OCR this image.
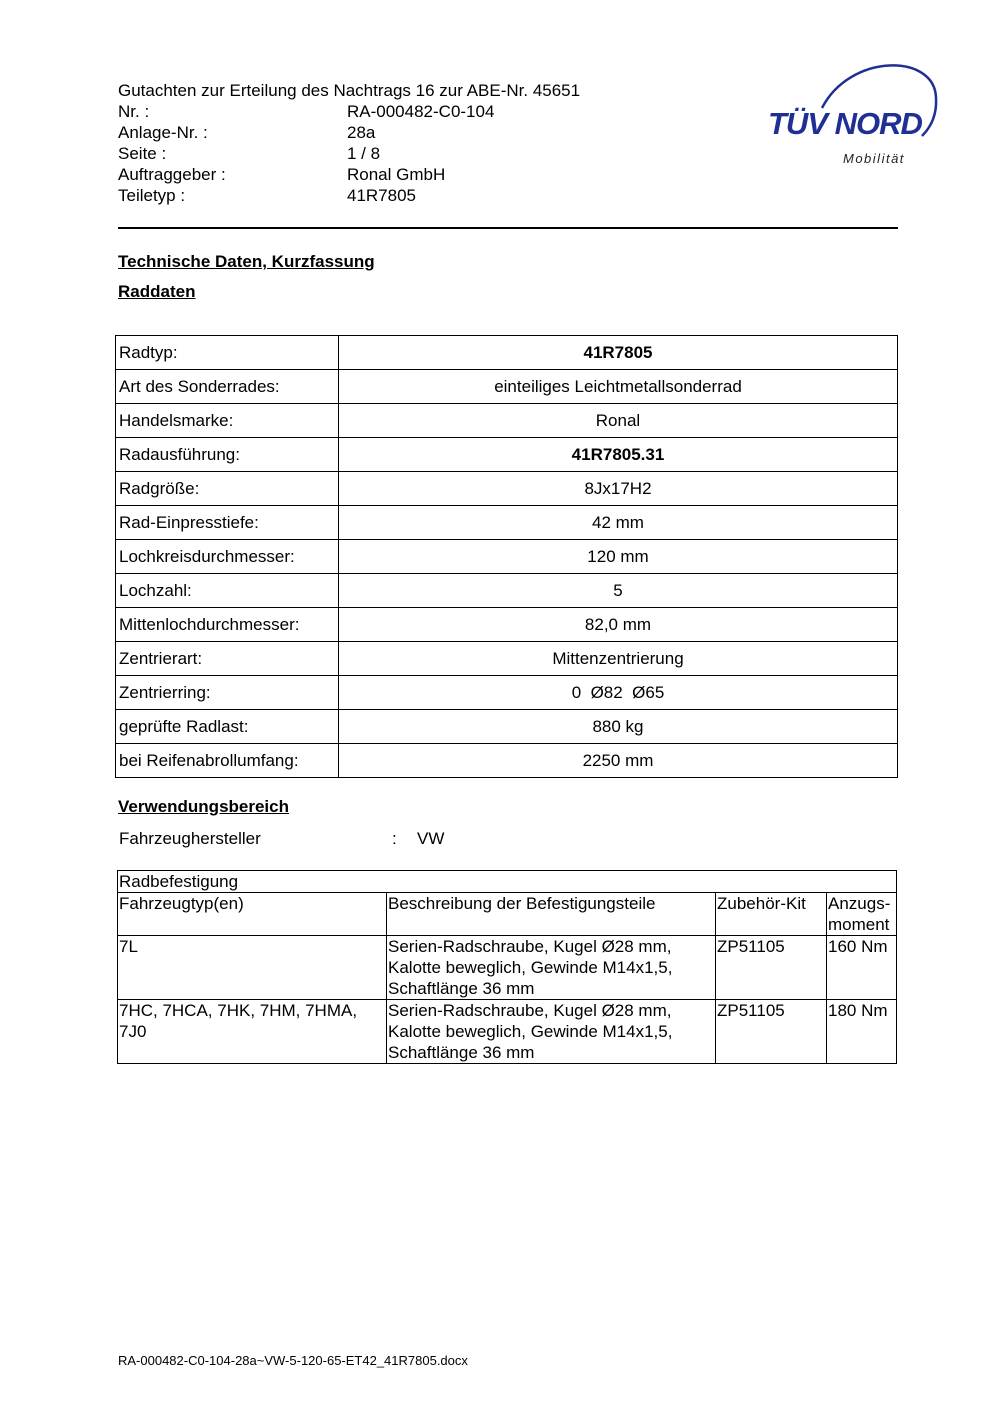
Gutachten zur Erteilung des Nachtrags 16 zur ABE-Nr. 45651
Nr. :	RA-000482-C0-104
Anlage-Nr. :	28a
Seite :	1 / 8
Auftraggeber :	Ronal GmbH
Teiletyp :	41R7805
TÜV NORD
Mobilität
Technische Daten, Kurzfassung
Raddaten
Radtyp:	41R7805
Art des Sonderrades:	einteiliges Leichtmetallsonderrad
Handelsmarke:	Ronal
Radausführung:	41R7805.31
Radgröße:	8Jx17H2
Rad-Einpresstiefe:	42 mm
Lochkreisdurchmesser:	120 mm
Lochzahl:	5
Mittenlochdurchmesser:	82,0 mm
Zentrierart:	Mittenzentrierung
Zentrierring:	0  Ø82  Ø65
geprüfte Radlast:	880 kg
bei Reifenabrollumfang:	2250 mm
Verwendungsbereich
Fahrzeughersteller	:	VW
Radbefestigung			
Fahrzeugtyp(en)	Beschreibung der Befestigungsteile	Zubehör-Kit	Anzugs-
moment
7L	Serien-Radschraube, Kugel Ø28 mm,
Kalotte beweglich, Gewinde M14x1,5,
Schaftlänge 36 mm	ZP51105	160 Nm
7HC, 7HCA, 7HK, 7HM, 7HMA,
7J0	Serien-Radschraube, Kugel Ø28 mm,
Kalotte beweglich, Gewinde M14x1,5,
Schaftlänge 36 mm	ZP51105	180 Nm
RA-000482-C0-104-28a~VW-5-120-65-ET42_41R7805.docx
